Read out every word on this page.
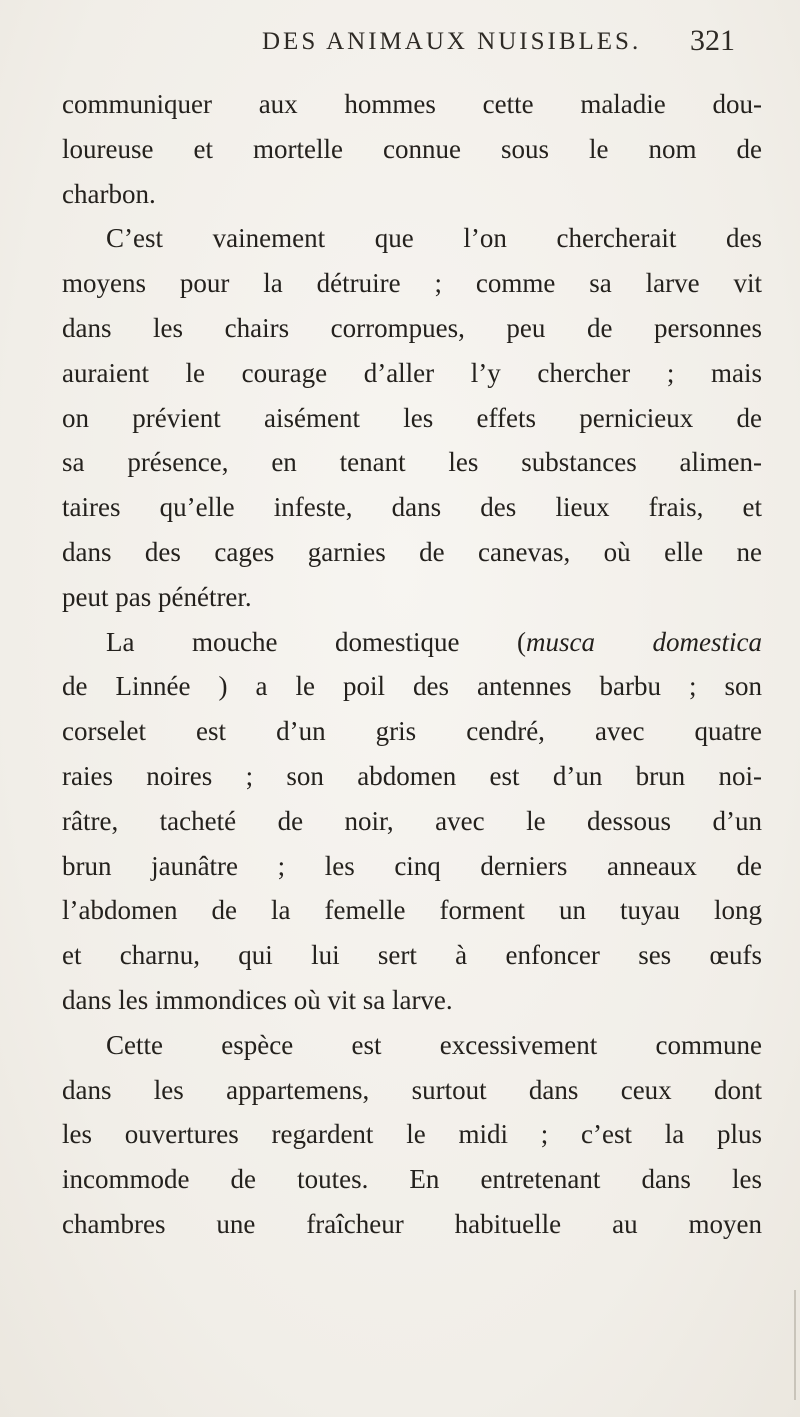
DES ANIMAUX NUISIBLES. 321
communiquer aux hommes cette maladie dou-
loureuse et mortelle connue sous le nom de
charbon.
C’est vainement que l’on chercherait des
moyens pour la détruire ; comme sa larve vit
dans les chairs corrompues, peu de personnes
auraient le courage d’aller l’y chercher ; mais
on prévient aisément les effets pernicieux de
sa présence, en tenant les substances alimen-
taires qu’elle infeste, dans des lieux frais, et
dans des cages garnies de canevas, où elle ne
peut pas pénétrer.
La mouche domestique (musca domestica
de Linnée ) a le poil des antennes barbu ; son
corselet est d’un gris cendré, avec quatre
raies noires ; son abdomen est d’un brun noi-
râtre, tacheté de noir, avec le dessous d’un
brun jaunâtre ; les cinq derniers anneaux de
l’abdomen de la femelle forment un tuyau long
et charnu, qui lui sert à enfoncer ses œufs
dans les immondices où vit sa larve.
Cette espèce est excessivement commune
dans les appartemens, surtout dans ceux dont
les ouvertures regardent le midi ; c’est la plus
incommode de toutes. En entretenant dans les
chambres une fraîcheur habituelle au moyen
